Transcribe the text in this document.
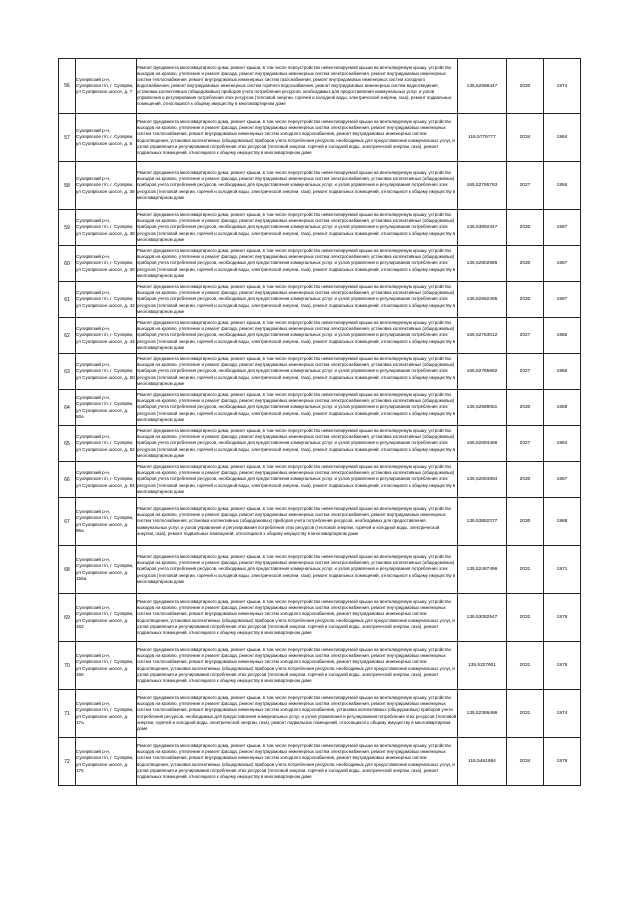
56	Суоярвский р-н, Суоярвское г/п, г. Суоярви, ул Суоярвское шоссе, д. 7	Ремонт фундамента многоквартирного дома, ремонт крыши, в том числе переустройство невентилируемой крыши на вентилируемую крышу, устройство выходов на кровлю, утепление и ремонт фасада, ремонт внутридомовых инженерных систем электроснабжения, ремонт внутридомовых инженерных систем теплоснабжения, ремонт внутридомовых инженерных систем газоснабжения, ремонт внутридомовых инженерных систем холодного водоснабжения, ремонт внутридомовых инженерных систем горячего водоснабжения, ремонт внутридомовых инженерных систем водоотведения, установка коллективных (общедомовых) приборов учета потребления ресурсов, необходимых для предоставления коммунальных услуг, и узлов управления и регулирования потребления этих ресурсов (тепловой энергии, горячей и холодной воды, электрической энергии, газа), ремонт подвальных помещений, относящихся к общему имуществу в многоквартирном доме	135,52588447	2030	1974

57	Суоярвский р-н, Суоярвское г/п, г. Суоярви, ул Суоярвское шоссе, д. 8	Ремонт фундамента многоквартирного дома, ремонт крыши, в том числе переустройство невентилируемой крыши на вентилируемую крышу, устройство выходов на кровлю, утепление и ремонт фасада, ремонт внутридомовых инженерных систем электроснабжения, ремонт внутридомовых инженерных систем теплоснабжения, ремонт внутридомовых инженерных систем холодного водоснабжения, ремонт внутридомовых инженерных систем водоотведения, установка коллективных (общедомовых) приборов учета потребления ресурсов, необходимых для предоставления коммунальных услуг, и узлов управления и регулирования потребления этих ресурсов (тепловой энергии, горячей и холодной воды, электрической энергии, газа), ремонт подвальных помещений, относящихся к общему имуществу в многоквартирном доме	115,5776777	2034	1984

58	Суоярвский р-н, Суоярвское г/п, г. Суоярви, ул Суоярвское шоссе, д. 36	Ремонт фундамента многоквартирного дома, ремонт крыши, в том числе переустройство невентилируемой крыши на вентилируемую крышу, устройство выходов на кровлю, утепление и ремонт фасада, ремонт внутридомовых инженерных систем электроснабжения, установка коллективных (общедомовых) приборов учета потребления ресурсов, необходимых для предоставления коммунальных услуг, и узлов управления и регулирования потребления этих ресурсов (тепловой энергии, горячей и холодной воды, электрической энергии, газа), ремонт подвальных помещений, относящихся к общему имуществу в многоквартирном доме	165,52765763	2027	1956

59	Суоярвский р-н, Суоярвское г/п, г. Суоярви, ул Суоярвское шоссе, д. 38	Ремонт фундамента многоквартирного дома, ремонт крыши, в том числе переустройство невентилируемой крыши на вентилируемую крышу, устройство выходов на кровлю, утепление и ремонт фасада, ремонт внутридомовых инженерных систем электроснабжения, установка коллективных (общедомовых) приборов учета потребления ресурсов, необходимых для предоставления коммунальных услуг, и узлов управления и регулирования потребления этих ресурсов (тепловой энергии, горячей и холодной воды, электрической энергии, газа), ремонт подвальных помещений, относящихся к общему имуществу в многоквартирном доме	135,53892347	2030	1957

60	Суоярвский р-н, Суоярвское г/п, г. Суоярви, ул Суоярвское шоссе, д. 40	Ремонт фундамента многоквартирного дома, ремонт крыши, в том числе переустройство невентилируемой крыши на вентилируемую крышу, устройство выходов на кровлю, утепление и ремонт фасада, ремонт внутридомовых инженерных систем электроснабжения, установка коллективных (общедомовых) приборов учета потребления ресурсов, необходимых для предоставления коммунальных услуг, и узлов управления и регулирования потребления этих ресурсов (тепловой энергии, горячей и холодной воды, электрической энергии, газа), ремонт подвальных помещений, относящихся к общему имуществу в многоквартирном доме	135,52802986	2030	1957

61	Суоярвский р-н, Суоярвское г/п, г. Суоярви, ул Суоярвское шоссе, д. 42	Ремонт фундамента многоквартирного дома, ремонт крыши, в том числе переустройство невентилируемой крыши на вентилируемую крышу, устройство выходов на кровлю, утепление и ремонт фасада, ремонт внутридомовых инженерных систем электроснабжения, установка коллективных (общедомовых) приборов учета потребления ресурсов, необходимых для предоставления коммунальных услуг, и узлов управления и регулирования потребления этих ресурсов (тепловой энергии, горячей и холодной воды, электрической энергии, газа), ремонт подвальных помещений, относящихся к общему имуществу в многоквартирном доме	135,52682495	2030	1997

62	Суоярвский р-н, Суоярвское г/п, г. Суоярви, ул Суоярвское шоссе, д. 44	Ремонт фундамента многоквартирного дома, ремонт крыши, в том числе переустройство невентилируемой крыши на вентилируемую крышу, устройство выходов на кровлю, утепление и ремонт фасада, ремонт внутридомовых инженерных систем электроснабжения, установка коллективных (общедомовых) приборов учета потребления ресурсов, необходимых для предоставления коммунальных услуг, и узлов управления и регулирования потребления этих ресурсов (тепловой энергии, горячей и холодной воды, электрической энергии, газа), ремонт подвальных помещений, относящихся к общему имуществу в многоквартирном доме	165,52763012	2027	1986

63	Суоярвский р-н, Суоярвское г/п, г. Суоярви, ул Суоярвское шоссе, д. 50	Ремонт фундамента многоквартирного дома, ремонт крыши, в том числе переустройство невентилируемой крыши на вентилируемую крышу, устройство выходов на кровлю, утепление и ремонт фасада, ремонт внутридомовых инженерных систем электроснабжения, установка коллективных (общедомовых) приборов учета потребления ресурсов, необходимых для предоставления коммунальных услуг, и узлов управления и регулирования потребления этих ресурсов (тепловой энергии, горячей и холодной воды, электрической энергии, газа), ремонт подвальных помещений, относящихся к общему имуществу в многоквартирном доме	165,52765682	2027	1956

64	Суоярвский р-н, Суоярвское г/п, г. Суоярви, ул Суоярвское шоссе, д. 50а	Ремонт фундамента многоквартирного дома, ремонт крыши, в том числе переустройство невентилируемой крыши на вентилируемую крышу, устройство выходов на кровлю, утепление и ремонт фасада, ремонт внутридомовых инженерных систем электроснабжения, установка коллективных (общедомовых) приборов учета потребления ресурсов, необходимых для предоставления коммунальных услуг, и узлов управления и регулирования потребления этих ресурсов (тепловой энергии, горячей и холодной воды, электрической энергии, газа), ремонт подвальных помещений, относящихся к общему имуществу в многоквартирном доме	135,52589051	2030	1959

65	Суоярвский р-н, Суоярвское г/п, г. Суоярви, ул Суоярвское шоссе, д. 82	Ремонт фундамента многоквартирного дома, ремонт крыши, в том числе переустройство невентилируемой крыши на вентилируемую крышу, устройство выходов на кровлю, утепление и ремонт фасада, ремонт внутридомовых инженерных систем электроснабжения, установка коллективных (общедомовых) приборов учета потребления ресурсов, необходимых для предоставления коммунальных услуг, и узлов управления и регулирования потребления этих ресурсов (тепловой энергии, горячей и холодной воды, электрической энергии, газа), ремонт подвальных помещений, относящихся к общему имуществу в многоквартирном доме	165,52694486	2027	1964

66	Суоярвский р-н, Суоярвское г/п, г. Суоярви, ул Суоярвское шоссе, д. 84	Ремонт фундамента многоквартирного дома, ремонт крыши, в том числе переустройство невентилируемой крыши на вентилируемую крышу, устройство выходов на кровлю, утепление и ремонт фасада, ремонт внутридомовых инженерных систем электроснабжения, установка коллективных (общедомовых) приборов учета потребления ресурсов, необходимых для предоставления коммунальных услуг, и узлов управления и регулирования потребления этих ресурсов (тепловой энергии, горячей и холодной воды, электрической энергии, газа), ремонт подвальных помещений, относящихся к общему имуществу в многоквартирном доме	135,52694894	2030	1957

67	Суоярвский р-н, Суоярвское г/п, г. Суоярви, ул Суоярвское шоссе, д. 86а	Ремонт фундамента многоквартирного дома, ремонт крыши, в том числе переустройство невентилируемой крыши на вентилируемую крышу, устройство выходов на кровлю, утепление и ремонт фасада, ремонт внутридомовых инженерных систем электроснабжения, ремонт внутридомовых инженерных систем теплоснабжения, установка коллективных (общедомовых) приборов учета потребления ресурсов, необходимых для предоставления коммунальных услуг, и узлов управления и регулирования потребления этих ресурсов (тепловой энергии, горячей и холодной воды, электрической энергии, газа), ремонт подвальных помещений, относящихся к общему имуществу в многоквартирном доме	135,53892377	2030	1988

68	Суоярвский р-н, Суоярвское г/п, г. Суоярви, ул Суоярвское шоссе, д. 156а	Ремонт фундамента многоквартирного дома, ремонт крыши, в том числе переустройство невентилируемой крыши на вентилируемую крышу, устройство выходов на кровлю, утепление и ремонт фасада, ремонт внутридомовых инженерных систем электроснабжения, установка коллективных (общедомовых) приборов учета потребления ресурсов, необходимых для предоставления коммунальных услуг, и узлов управления и регулирования потребления этих ресурсов (тепловой энергии, горячей и холодной воды, электрической энергии, газа), ремонт подвальных помещений, относящихся к общему имуществу в многоквартирном доме	135,52487496	2031	1971

69	Суоярвский р-н, Суоярвское г/п, г. Суоярви, ул Суоярвское шоссе, д. 162	Ремонт фундамента многоквартирного дома, ремонт крыши, в том числе переустройство невентилируемой крыши на вентилируемую крышу, устройство выходов на кровлю, утепление и ремонт фасада, ремонт внутридомовых инженерных систем электроснабжения, ремонт внутридомовых инженерных систем теплоснабжения, ремонт внутридомовых инженерных систем холодного водоснабжения, ремонт внутридомовых инженерных систем водоотведения, установка коллективных (общедомовых) приборов учета потребления ресурсов, необходимых для предоставления коммунальных услуг, и узлов управления и регулирования потребления этих ресурсов (тепловой энергии, горячей и холодной воды, электрической энергии, газа), ремонт подвальных помещений, относящихся к общему имуществу в многоквартирном доме	135,53082547	2032	1978

70	Суоярвский р-н, Суоярвское г/п, г. Суоярви, ул Суоярвское шоссе, д. 166	Ремонт фундамента многоквартирного дома, ремонт крыши, в том числе переустройство невентилируемой крыши на вентилируемую крышу, устройство выходов на кровлю, утепление и ремонт фасада, ремонт внутридомовых инженерных систем электроснабжения, ремонт внутридомовых инженерных систем теплоснабжения, ремонт внутридомовых инженерных систем холодного водоснабжения, ремонт внутридомовых инженерных систем водоотведения, установка коллективных (общедомовых) приборов учета потребления ресурсов, необходимых для предоставления коммунальных услуг, и узлов управления и регулирования потребления этих ресурсов (тепловой энергии, горячей и холодной воды, электрической энергии, газа), ремонт подвальных помещений, относящихся к общему имуществу в многоквартирном доме	135,5327901	2031	1975

71	Суоярвский р-н, Суоярвское г/п, г. Суоярви, ул Суоярвское шоссе, д. 17а	Ремонт фундамента многоквартирного дома, ремонт крыши, в том числе переустройство невентилируемой крыши на вентилируемую крышу, устройство выходов на кровлю, утепление и ремонт фасада, ремонт внутридомовых инженерных систем электроснабжения, ремонт внутридомовых инженерных систем теплоснабжения, ремонт внутридомовых инженерных систем холодного водоснабжения, установка коллективных (общедомовых) приборов учета потребления ресурсов, необходимых для предоставления коммунальных услуг, и узлов управления и регулирования потребления этих ресурсов (тепловой энергии, горячей и холодной воды, электрической энергии, газа), ремонт подвальных помещений, относящихся к общему имуществу в многоквартирном доме	135,52386496	2031	1974

72	Суоярвский р-н, Суоярвское г/п, г. Суоярви, ул Суоярвское шоссе, д. 176	Ремонт фундамента многоквартирного дома, ремонт крыши, в том числе переустройство невентилируемой крыши на вентилируемую крышу, устройство выходов на кровлю, утепление и ремонт фасада, ремонт внутридомовых инженерных систем электроснабжения, ремонт внутридомовых инженерных систем теплоснабжения, ремонт внутридомовых инженерных систем холодного водоснабжения, ремонт внутридомовых инженерных систем водоотведения, установка коллективных (общедомовых) приборов учета потребления ресурсов, необходимых для предоставления коммунальных услуг, и узлов управления и регулирования потребления этих ресурсов (тепловой энергии, горячей и холодной воды, электрической энергии, газа), ремонт подвальных помещений, относящихся к общему имуществу в многоквартирном доме	115,5461584	2034	1979
